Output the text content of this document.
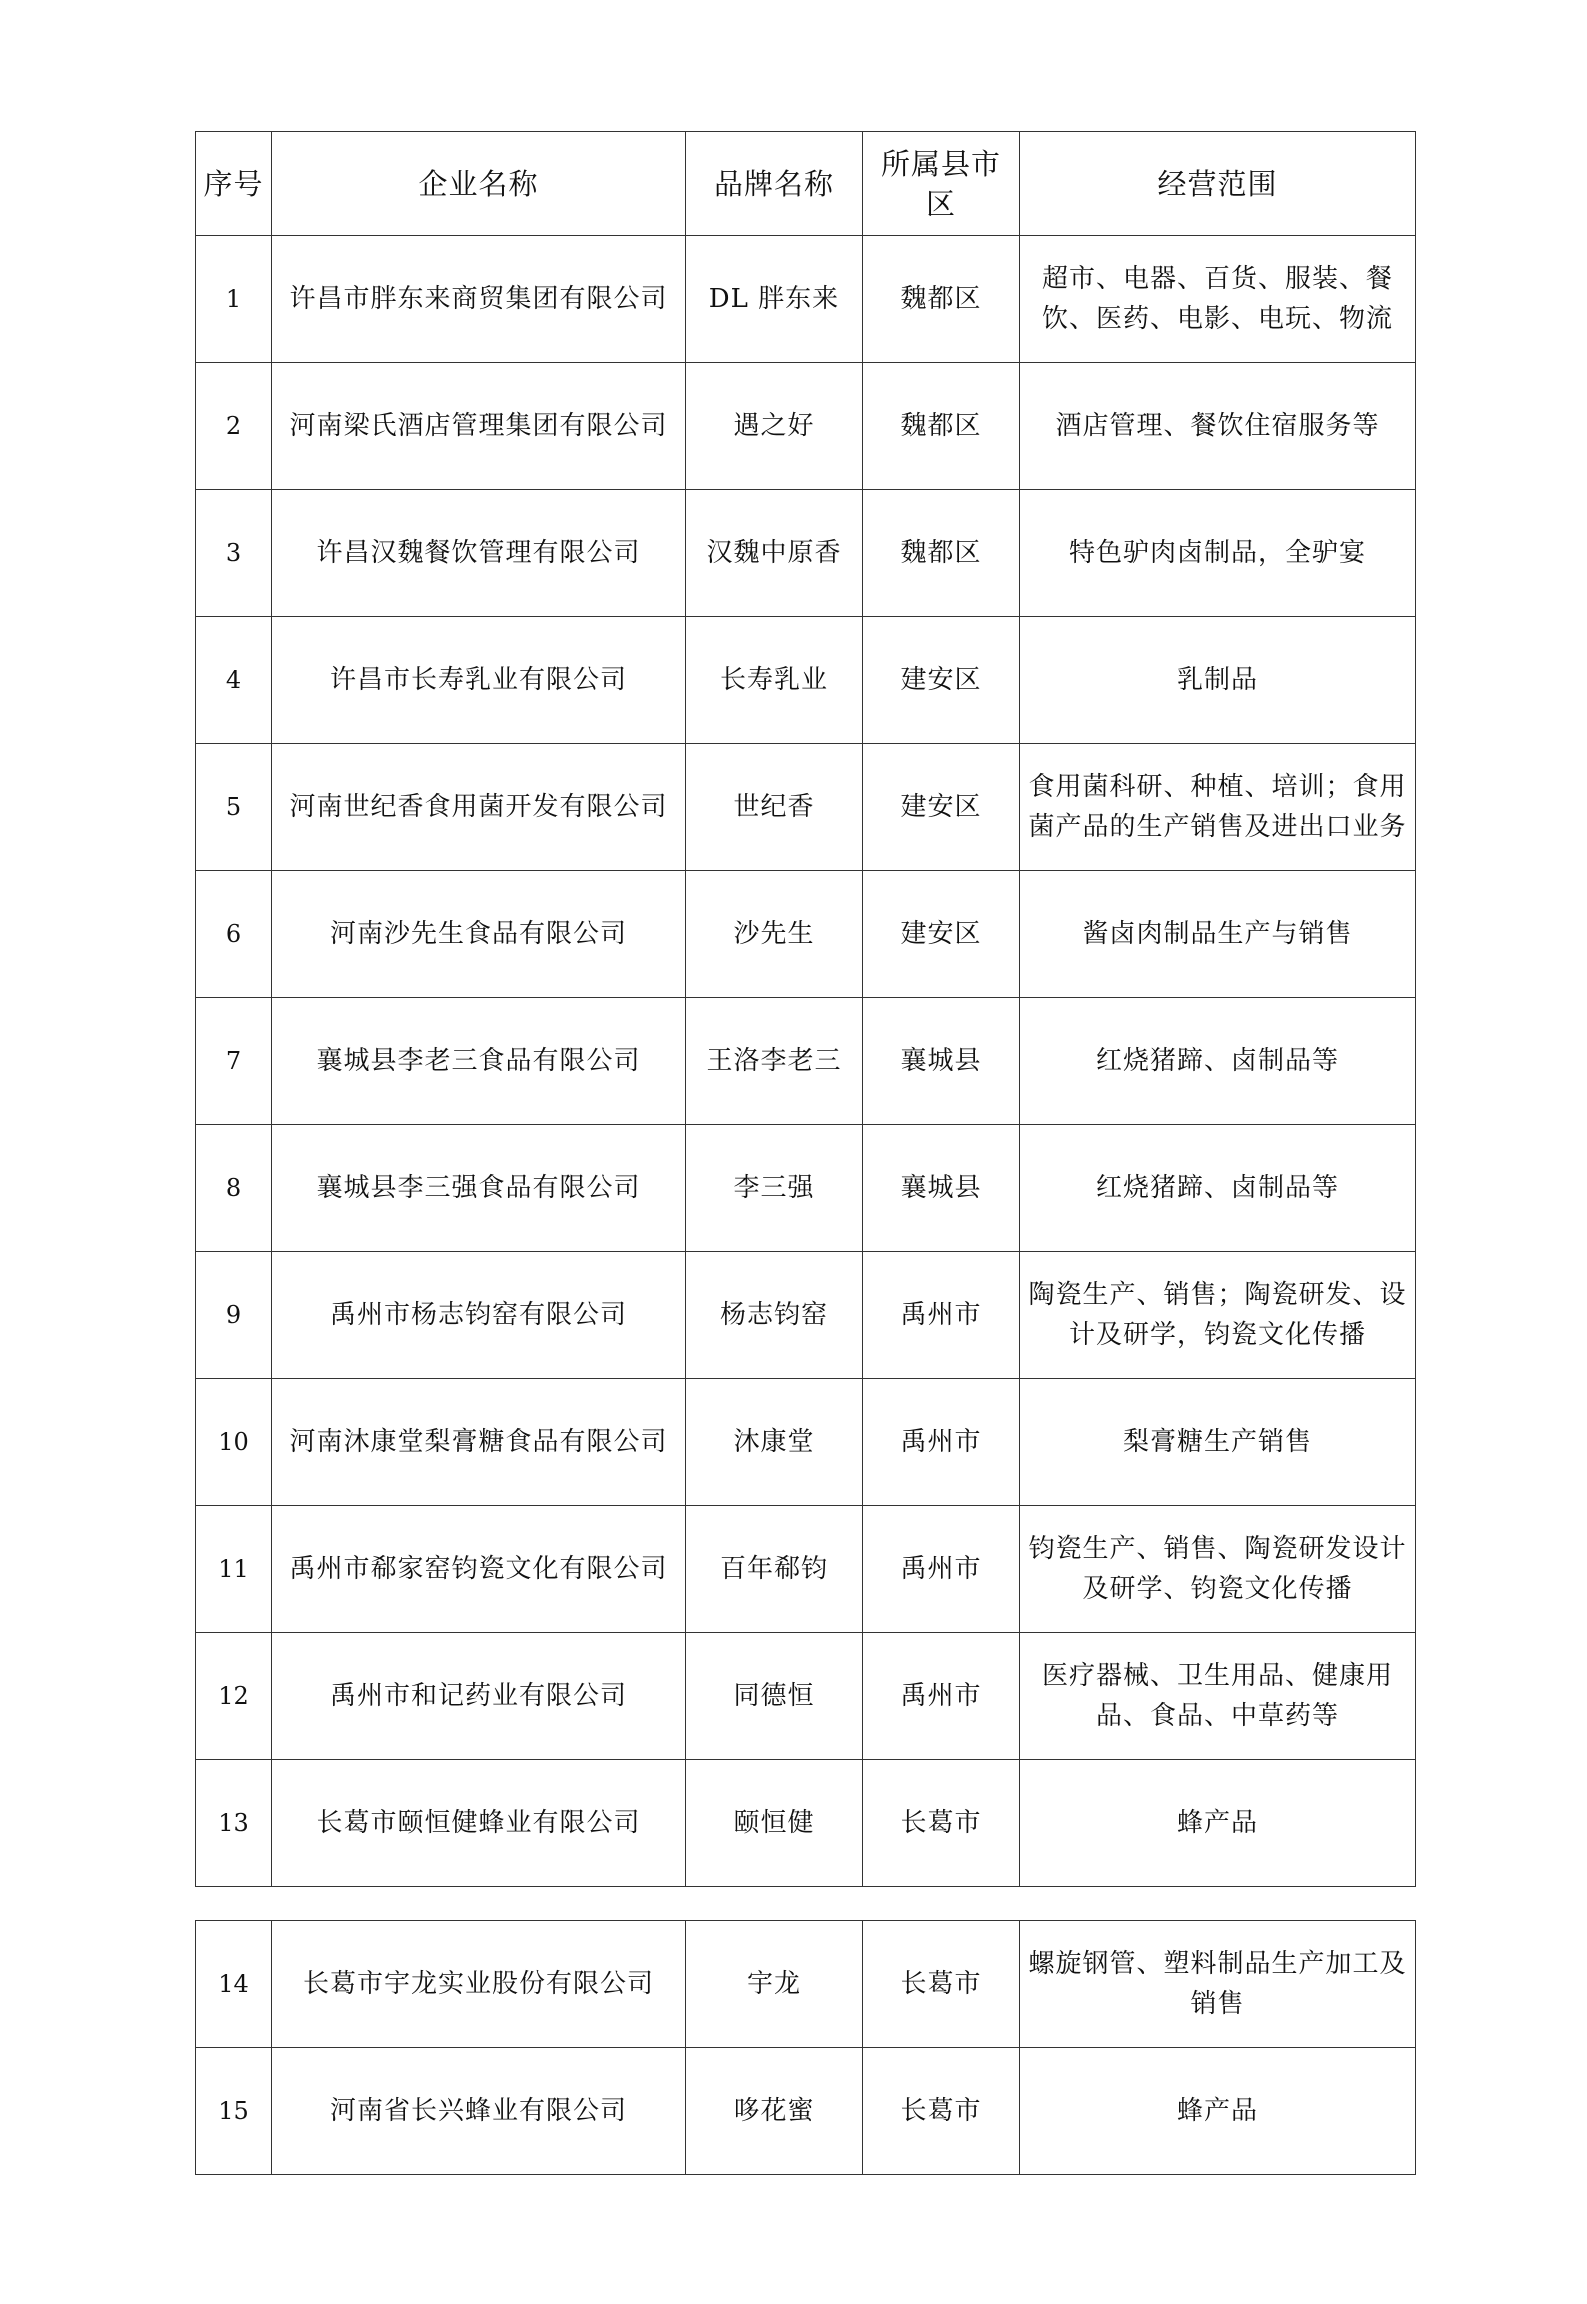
序号	企业名称	品牌名称	所属县市区	经营范围
1	许昌市胖东来商贸集团有限公司	DL 胖东来	魏都区	超市、电器、百货、服装、餐饮、医药、电影、电玩、物流
2	河南梁氏酒店管理集团有限公司	遇之好	魏都区	酒店管理、餐饮住宿服务等
3	许昌汉魏餐饮管理有限公司	汉魏中原香	魏都区	特色驴肉卤制品，全驴宴
4	许昌市长寿乳业有限公司	长寿乳业	建安区	乳制品
5	河南世纪香食用菌开发有限公司	世纪香	建安区	食用菌科研、种植、培训；食用菌产品的生产销售及进出口业务
6	河南沙先生食品有限公司	沙先生	建安区	酱卤肉制品生产与销售
7	襄城县李老三食品有限公司	王洛李老三	襄城县	红烧猪蹄、卤制品等
8	襄城县李三强食品有限公司	李三强	襄城县	红烧猪蹄、卤制品等
9	禹州市杨志钧窑有限公司	杨志钧窑	禹州市	陶瓷生产、销售；陶瓷研发、设计及研学，钧瓷文化传播
10	河南沐康堂梨膏糖食品有限公司	沐康堂	禹州市	梨膏糖生产销售
11	禹州市郗家窑钧瓷文化有限公司	百年郗钧	禹州市	钧瓷生产、销售、陶瓷研发设计及研学、钧瓷文化传播
12	禹州市和记药业有限公司	同德恒	禹州市	医疗器械、卫生用品、健康用品、食品、中草药等
13	长葛市颐恒健蜂业有限公司	颐恒健	长葛市	蜂产品
14	长葛市宇龙实业股份有限公司	宇龙	长葛市	螺旋钢管、塑料制品生产加工及销售
15	河南省长兴蜂业有限公司	哆花蜜	长葛市	蜂产品
